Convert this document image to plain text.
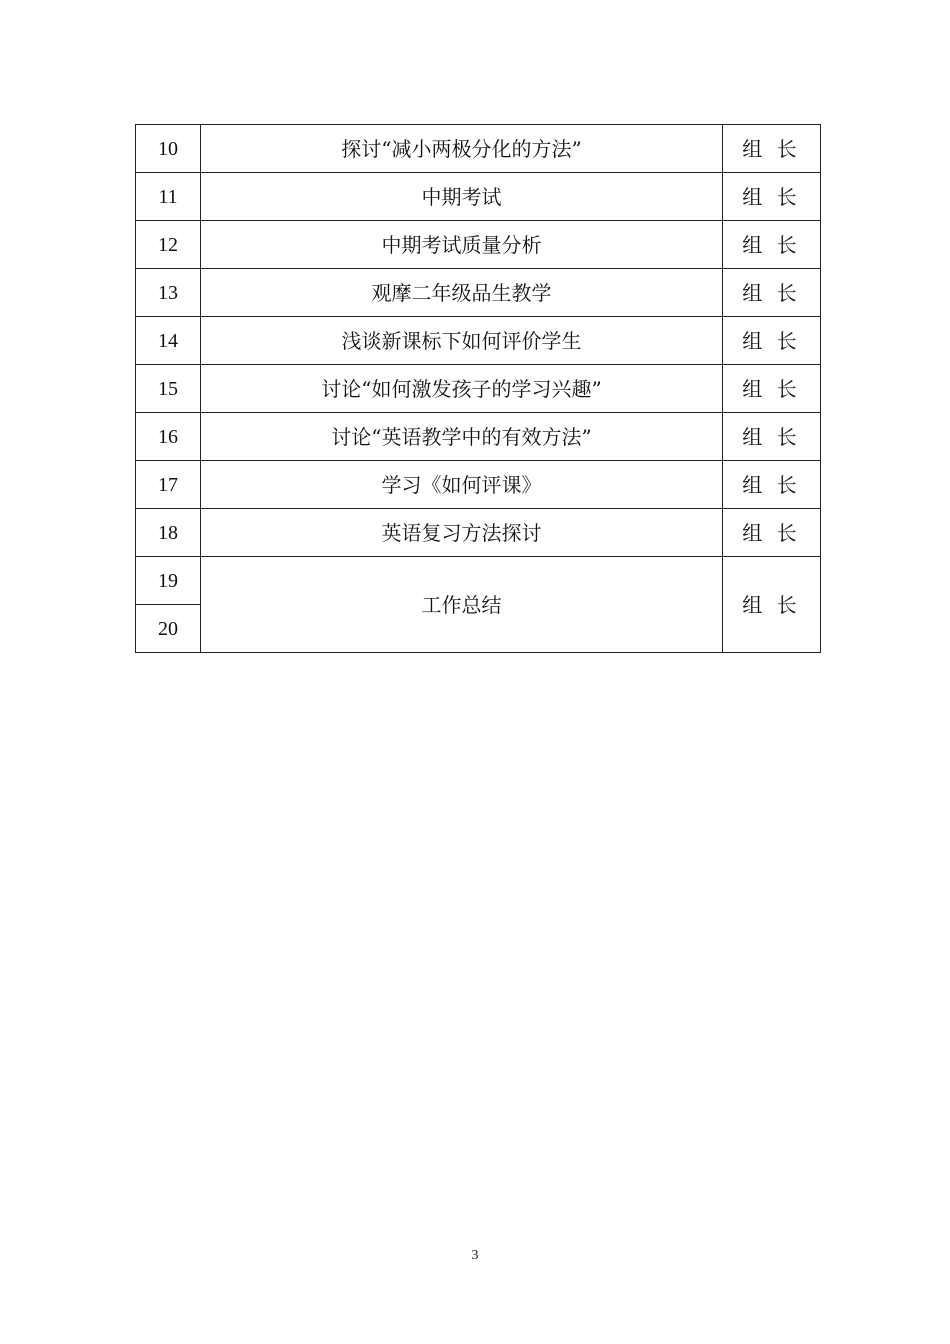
10	探讨“减小两极分化的方法”	组 长
11	中期考试	组 长
12	中期考试质量分析	组 长
13	观摩二年级品生教学	组 长
14	浅谈新课标下如何评价学生	组 长
15	讨论“如何激发孩子的学习兴趣”	组 长
16	讨论“英语教学中的有效方法”	组 长
17	学习《如何评课》	组 长
18	英语复习方法探讨	组 长
19	工作总结	组 长
20		
3
